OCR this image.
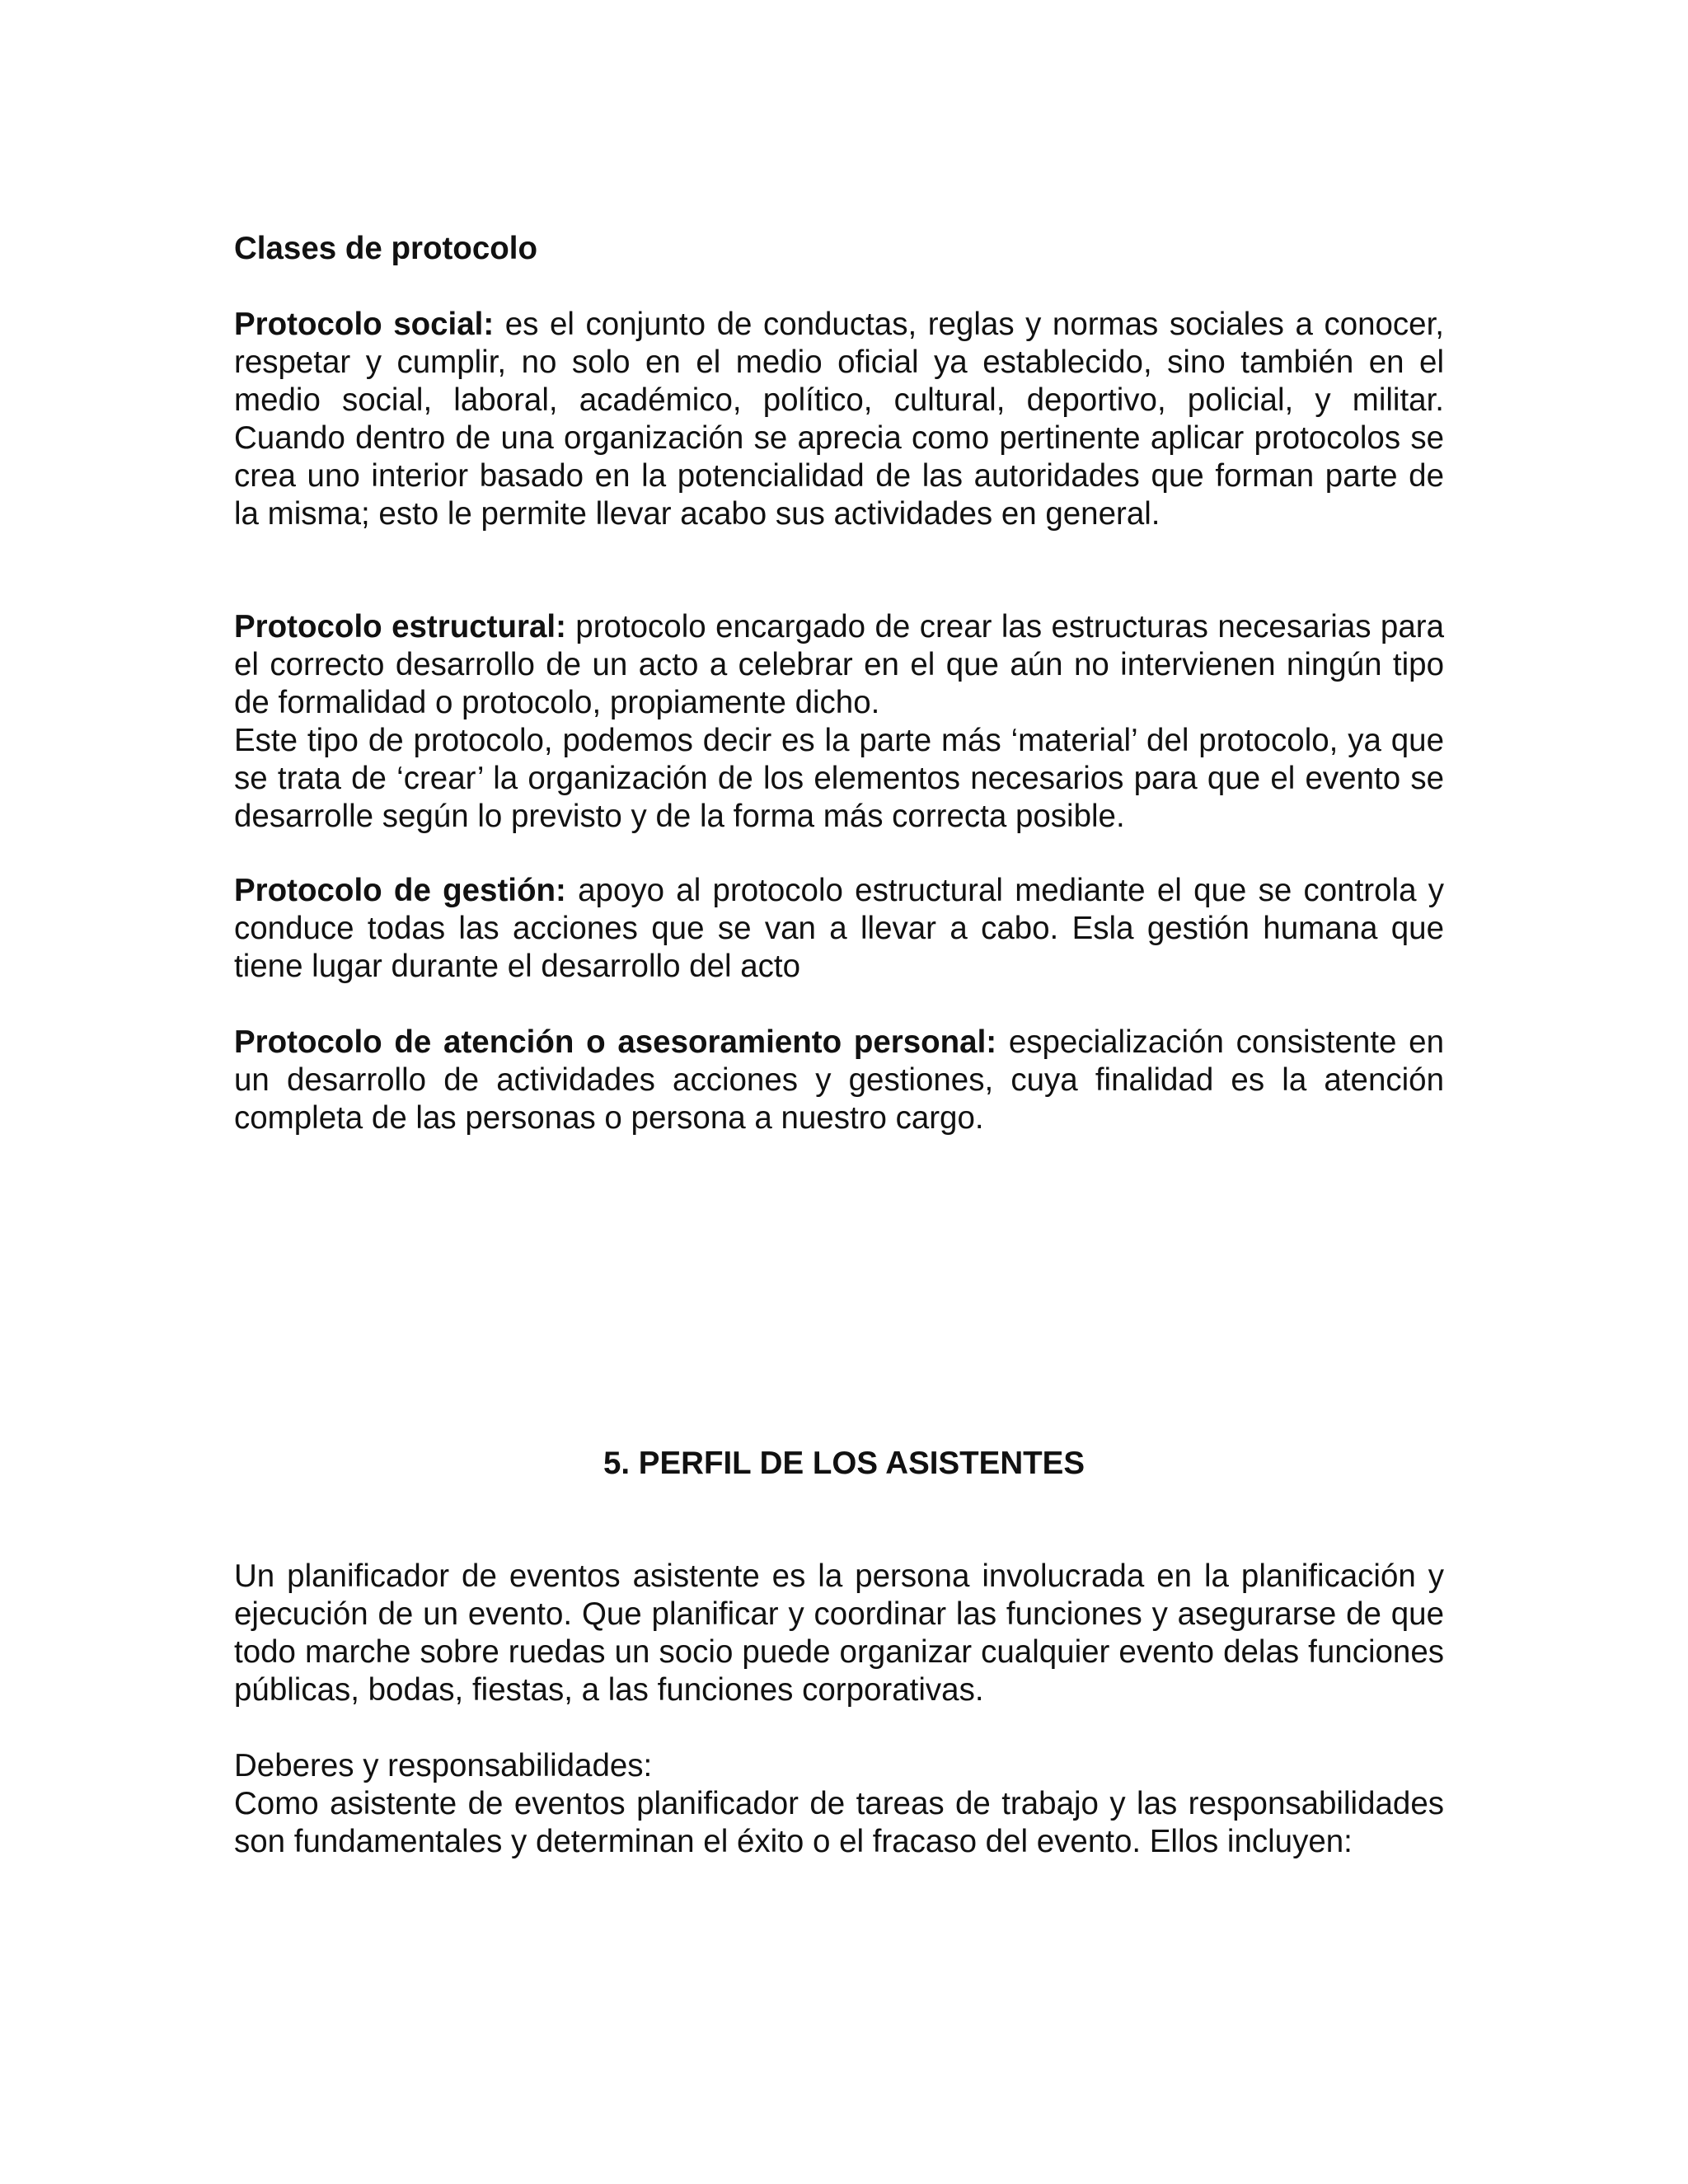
Clases de protocolo

Protocolo social: es el conjunto de conductas, reglas y normas sociales a conocer, respetar y cumplir, no solo en el medio oficial ya establecido, sino también en el medio social, laboral, académico, político, cultural, deportivo, policial, y militar. Cuando dentro de una organización se aprecia como pertinente aplicar protocolos se crea uno interior basado en la potencialidad de las autoridades que forman parte de la misma; esto le permite llevar acabo sus actividades en general.

Protocolo estructural: protocolo encargado de crear las estructuras necesarias para el correcto desarrollo de un acto a celebrar en el que aún no intervienen ningún tipo de formalidad o protocolo, propiamente dicho.

Este tipo de protocolo, podemos decir es la parte más ‘material’ del protocolo, ya que se trata de ‘crear’ la organización de los elementos necesarios para que el evento se desarrolle según lo previsto y de la forma más correcta posible.

Protocolo de gestión: apoyo al protocolo estructural mediante el que se controla y conduce todas las acciones que se van a llevar a cabo. Esla gestión humana que tiene lugar durante el desarrollo del acto

Protocolo de atención o asesoramiento personal: especialización consistente en un desarrollo de actividades acciones y gestiones, cuya finalidad es la atención completa de las personas o persona a nuestro cargo.

5. PERFIL DE LOS ASISTENTES

Un planificador de eventos asistente es la persona involucrada en la planificación y ejecución de un evento. Que planificar y coordinar las funciones y asegurarse de que todo marche sobre ruedas un socio puede organizar cualquier evento delas funciones públicas, bodas, fiestas, a las funciones corporativas.

Deberes y responsabilidades:

Como asistente de eventos planificador de tareas de trabajo y las responsabilidades son fundamentales y determinan el éxito o el fracaso del evento. Ellos incluyen:
